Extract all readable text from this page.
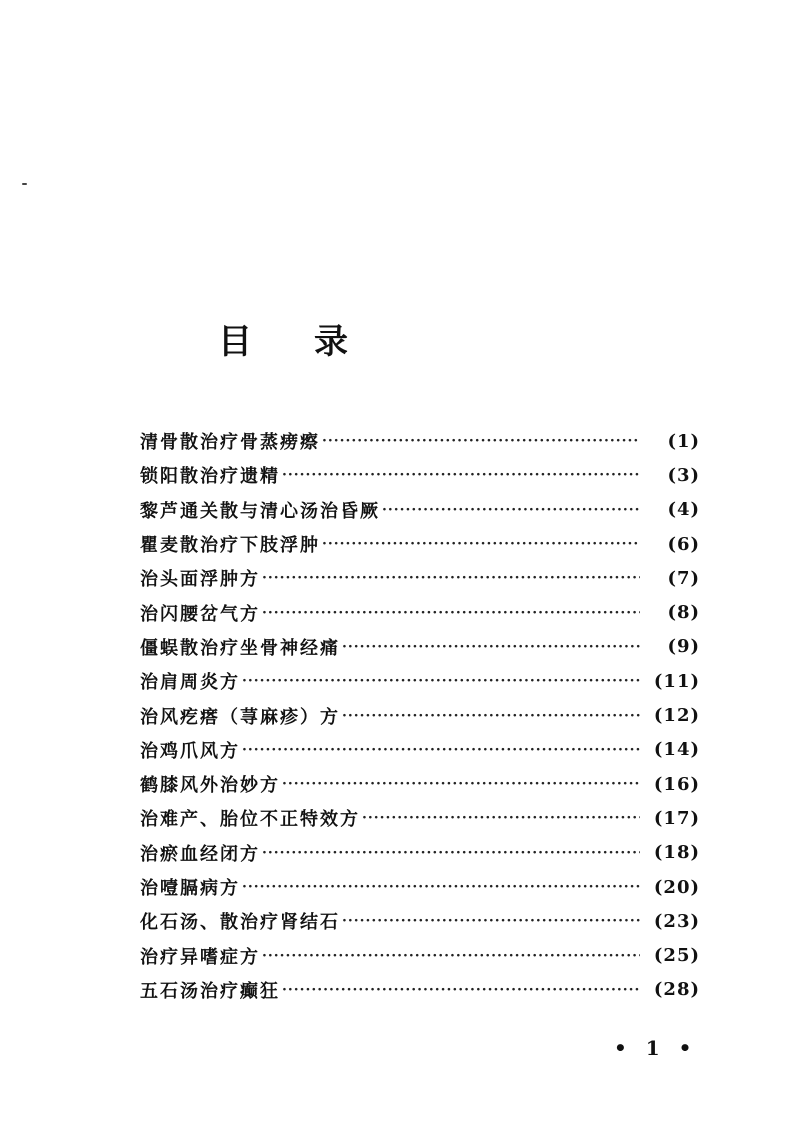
目 录
清骨散治疗骨蒸痨瘵 ·····	(1)
锁阳散治疗遗精 ·····	(3)
黎芦通关散与清心汤治昏厥 ·····	(4)
瞿麦散治疗下肢浮肿 ·····	(6)
治头面浮肿方 ·····	(7)
治闪腰岔气方 ·····	(8)
僵蜈散治疗坐骨神经痛 ·····	(9)
治肩周炎方 ·····	(11)
治风疙瘩（荨麻疹）方 ·····	(12)
治鸡爪风方 ·····	(14)
鹤膝风外治妙方 ·····	(16)
治难产、胎位不正特效方 ·····	(17)
治瘀血经闭方 ·····	(18)
治噎膈病方 ·····	(20)
化石汤、散治疗肾结石 ·····	(23)
治疗异嗜症方 ·····	(25)
五石汤治疗癫狂 ·····	(28)
• 1 •
